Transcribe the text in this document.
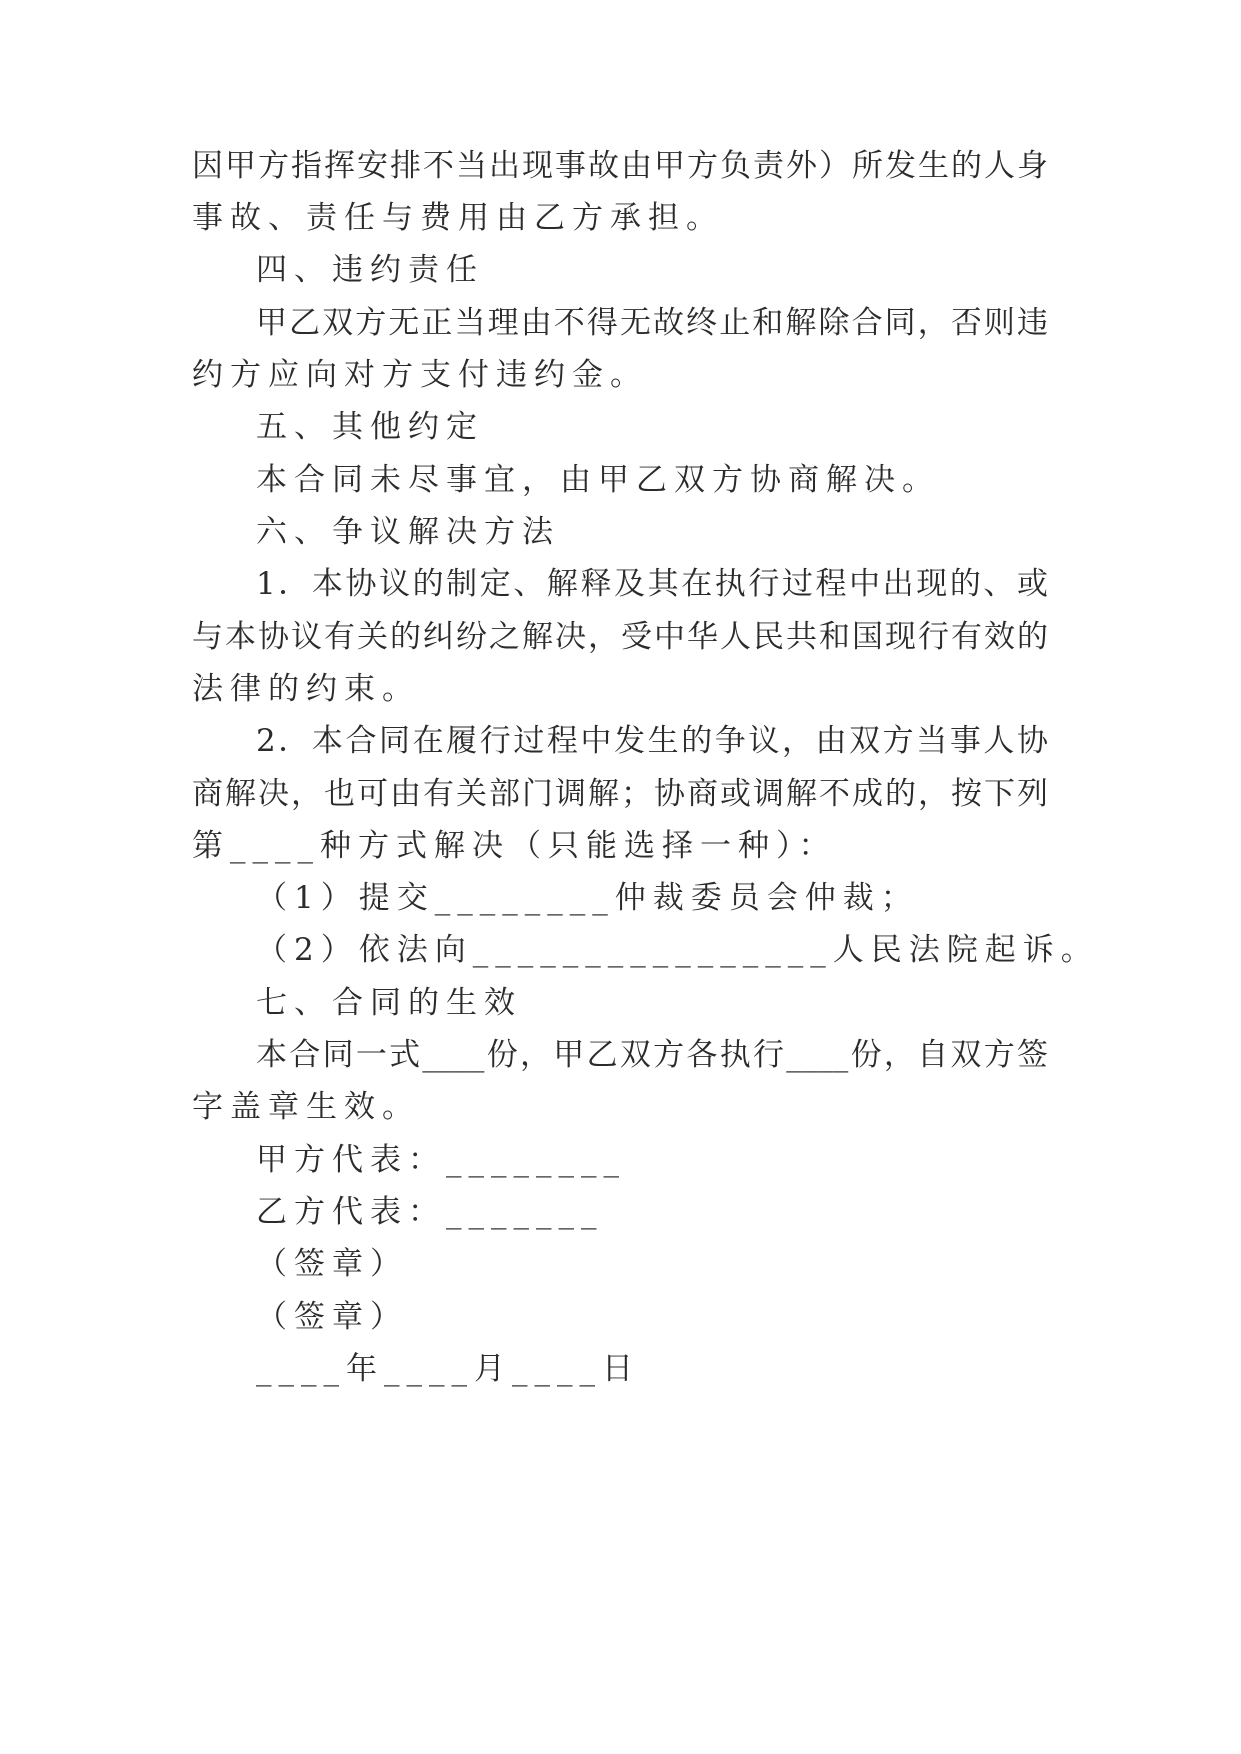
因甲方指挥安排不当出现事故由甲方负责外）所发生的人身
事故、责任与费用由乙方承担。
四、违约责任
甲乙双方无正当理由不得无故终止和解除合同，否则违
约方应向对方支付违约金。
五、其他约定
本合同未尽事宜，由甲乙双方协商解决。
六、争议解决方法
1．本协议的制定、解释及其在执行过程中出现的、或
与本协议有关的纠纷之解决，受中华人民共和国现行有效的
法律的约束。
2．本合同在履行过程中发生的争议，由双方当事人协
商解决，也可由有关部门调解；协商或调解不成的，按下列
第____种方式解决（只能选择一种）：
（1）提交________仲裁委员会仲裁；
（2）依法向________________人民法院起诉。
七、合同的生效
本合同一式____份，甲乙双方各执行____份，自双方签
字盖章生效。
甲方代表：________
乙方代表：_______
（签章）
（签章）
____年____月____日
